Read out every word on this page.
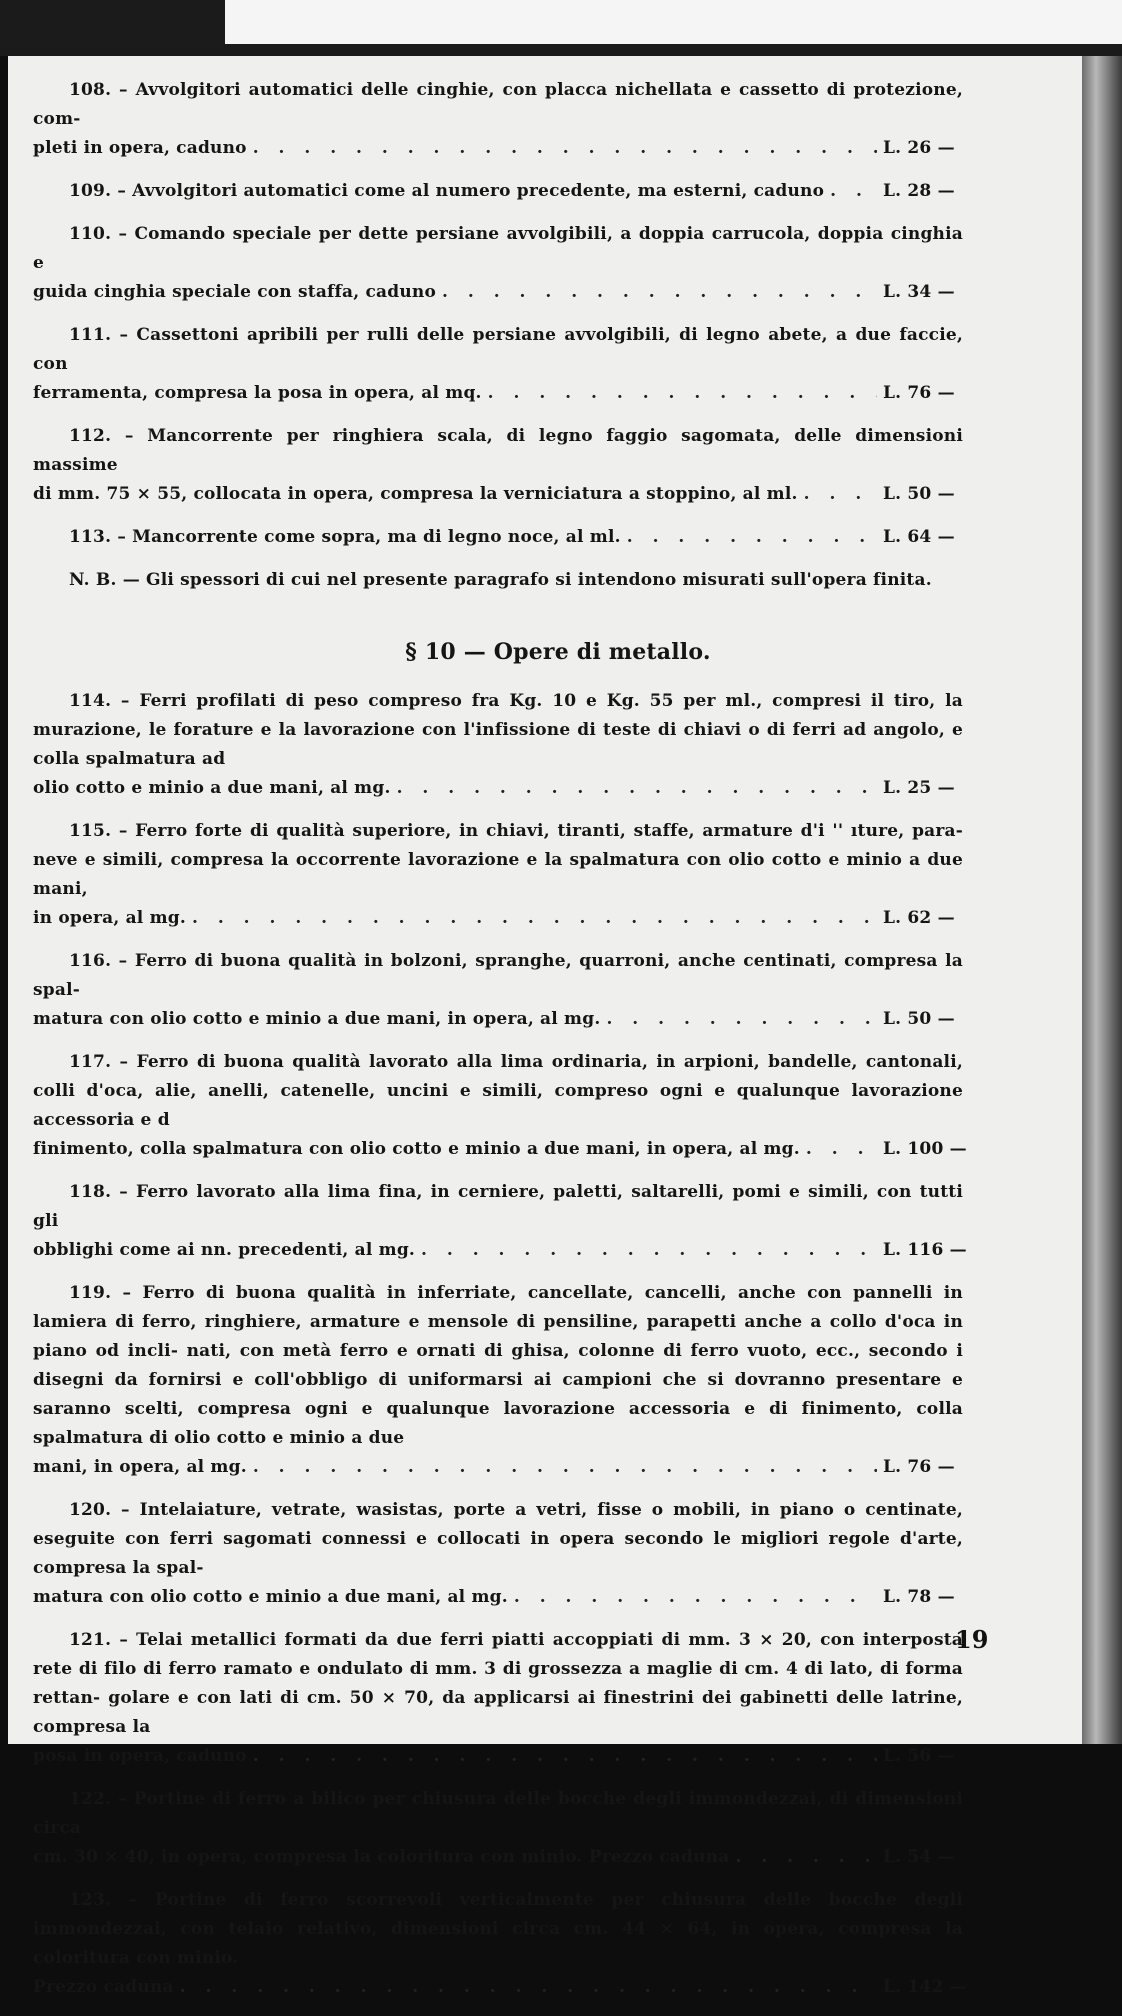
108. – Avvolgitori automatici delle cinghie, con placca nichellata e cassetto di protezione, com-
pleti in opera, caduno . . .	L. 26 —
109. – Avvolgitori automatici come al numero precedente, ma esterni, caduno . . .	L. 28 —
110. – Comando speciale per dette persiane avvolgibili, a doppia carrucola, doppia cinghia e
guida cinghia speciale con staffa, caduno . . .	L. 34 —
111. – Cassettoni apribili per rulli delle persiane avvolgibili, di legno abete, a due faccie, con
ferramenta, compresa la posa in opera, al mq. . . .	L. 76 —
112. – Mancorrente per ringhiera scala, di legno faggio sagomata, delle dimensioni massime
di mm. 75 × 55, collocata in opera, compresa la verniciatura a stoppino, al ml. . . .	L. 50 —
113. – Mancorrente come sopra, ma di legno noce, al ml. . . .	L. 64 —
N. B. — Gli spessori di cui nel presente paragrafo si intendono misurati sull'opera finita.
§ 10 — Opere di metallo.
114. – Ferri profilati di peso compreso fra Kg. 10 e Kg. 55 per ml., compresi il tiro, la murazione, le forature e la lavorazione con l'infissione di teste di chiavi o di ferri ad angolo, e colla spalmatura ad
olio cotto e minio a due mani, al mg. . . .	L. 25 —
115. – Ferro forte di qualità superiore, in chiavi, tiranti, staffe, armature d'i '' ıture, para- neve e simili, compresa la occorrente lavorazione e la spalmatura con olio cotto e minio a due mani,
in opera, al mg. . . .	L. 62 —
116. – Ferro di buona qualità in bolzoni, spranghe, quarroni, anche centinati, compresa la spal-
matura con olio cotto e minio a due mani, in opera, al mg. . . .	L. 50 —
117. – Ferro di buona qualità lavorato alla lima ordinaria, in arpioni, bandelle, cantonali, colli d'oca, alie, anelli, catenelle, uncini e simili, compreso ogni e qualunque lavorazione accessoria e d
finimento, colla spalmatura con olio cotto e minio a due mani, in opera, al mg. . . .	L. 100 —
118. – Ferro lavorato alla lima fina, in cerniere, paletti, saltarelli, pomi e simili, con tutti gli
obblighi come ai nn. precedenti, al mg. . . .	L. 116 —
119. – Ferro di buona qualità in inferriate, cancellate, cancelli, anche con pannelli in lamiera di ferro, ringhiere, armature e mensole di pensiline, parapetti anche a collo d'oca in piano od incli- nati, con metà ferro e ornati di ghisa, colonne di ferro vuoto, ecc., secondo i disegni da fornirsi e coll'obbligo di uniformarsi ai campioni che si dovranno presentare e saranno scelti, compresa ogni e qualunque lavorazione accessoria e di finimento, colla spalmatura di olio cotto e minio a due
mani, in opera, al mg. . . .	L. 76 —
120. – Intelaiature, vetrate, wasistas, porte a vetri, fisse o mobili, in piano o centinate, eseguite con ferri sagomati connessi e collocati in opera secondo le migliori regole d'arte, compresa la spal-
matura con olio cotto e minio a due mani, al mg. . . .	L. 78 —
121. – Telai metallici formati da due ferri piatti accoppiati di mm. 3 × 20, con interposta rete di filo di ferro ramato e ondulato di mm. 3 di grossezza a maglie di cm. 4 di lato, di forma rettan- golare e con lati di cm. 50 × 70, da applicarsi ai finestrini dei gabinetti delle latrine, compresa la
posa in opera, caduno . . .	L. 56 —
122. – Portine di ferro a bilico per chiusura delle bocche degli immondezzai, di dimensioni circa
cm. 30 × 40, in opera, compresa la coloritura con minio. Prezzo caduna . . .	L. 54 —
123. – Portine di ferro scorrevoli verticalmente per chiusura delle bocche degli immondezzai, con telaio relativo, dimensioni circa cm. 44 × 64, in opera, compresa la coloritura con minio.
Prezzo caduna . . .	L. 142 —
19
